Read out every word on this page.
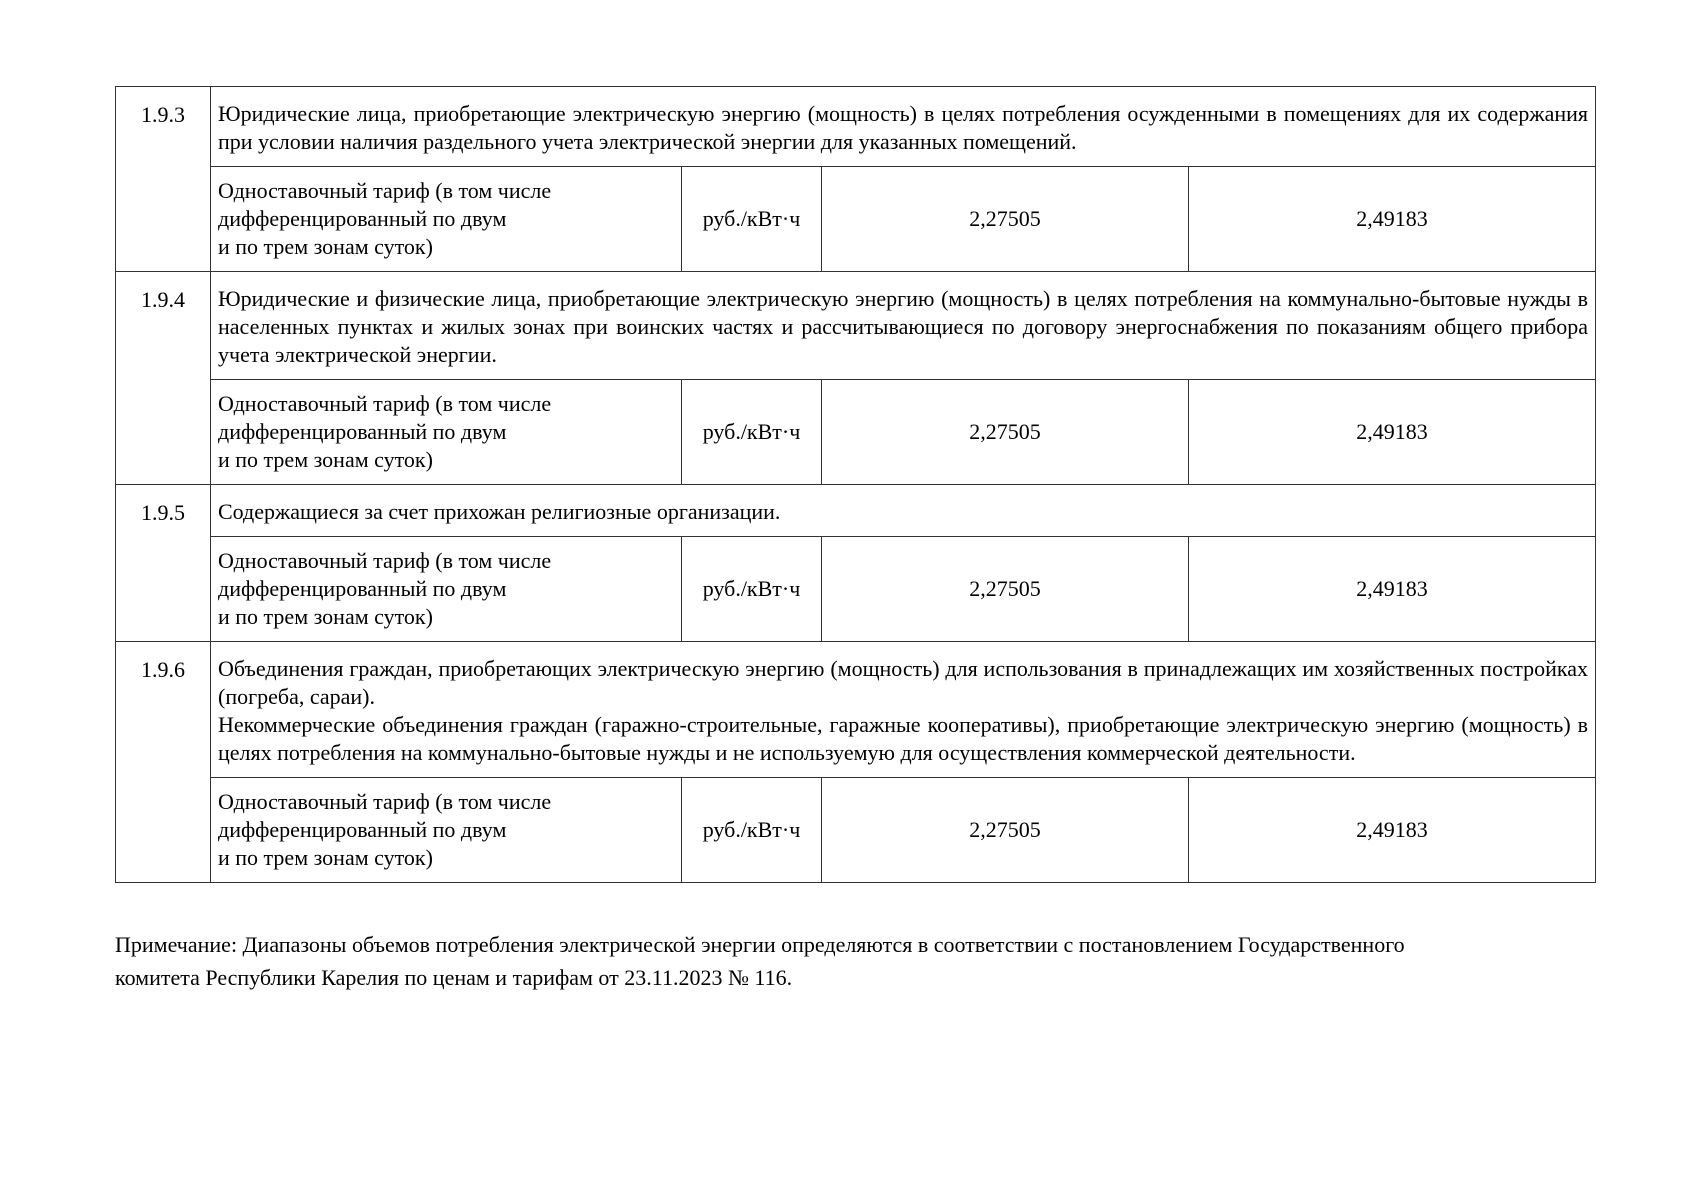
1.9.3	Юридические лица, приобретающие электрическую энергию (мощность) в целях потребления осужденными в помещениях для их содержания при условии наличия раздельного учета электрической энергии для указанных помещений.			

	Одноставочный тариф (в том числе
дифференцированный по двум
и по трем зонам суток)	руб./кВт·ч	2,27505	2,49183
1.9.4	Юридические и физические лица, приобретающие электрическую энергию (мощность) в целях потребления на коммунально-бытовые нужды в населенных пунктах и жилых зонах при воинских частях и рассчитывающиеся по договору энергоснабжения по показаниям общего прибора учета электрической энергии.			

	Одноставочный тариф (в том числе
дифференцированный по двум
и по трем зонам суток)	руб./кВт·ч	2,27505	2,49183
1.9.5	Содержащиеся за счет прихожан религиозные организации.			

	Одноставочный тариф (в том числе
дифференцированный по двум
и по трем зонам суток)	руб./кВт·ч	2,27505	2,49183
1.9.6	Объединения граждан, приобретающих электрическую энергию (мощность) для использования в принадлежащих им хозяйственных постройках (погреба, сараи).

Некоммерческие объединения граждан (гаражно-строительные, гаражные кооперативы), приобретающие электрическую энергию (мощность) в целях потребления на коммунально-бытовые нужды и не используемую для осуществления коммерческой деятельности.			

	Одноставочный тариф (в том числе
дифференцированный по двум
и по трем зонам суток)	руб./кВт·ч	2,27505	2,49183

Примечание: Диапазоны объемов потребления электрической энергии определяются в соответствии с постановлением Государственного

комитета Республики Карелия по ценам и тарифам от 23.11.2023 № 116.
